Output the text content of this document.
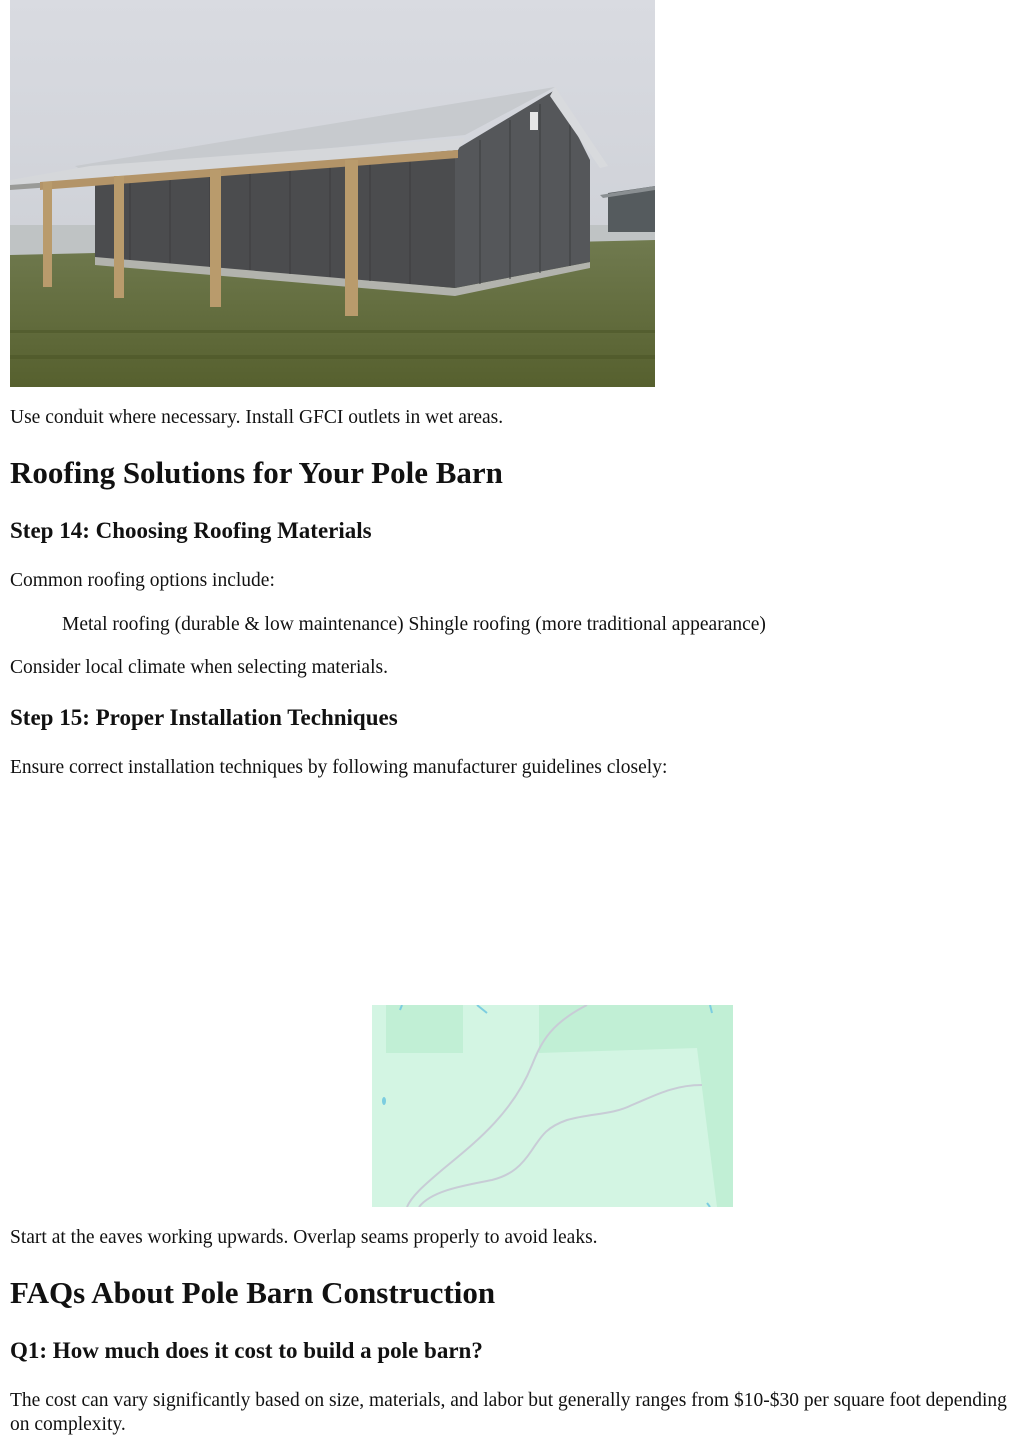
Use conduit where necessary. Install GFCI outlets in wet areas.

Roofing Solutions for Your Pole Barn
Step 14: Choosing Roofing Materials

Common roofing options include:

Metal roofing (durable & low maintenance) Shingle roofing (more traditional appearance)

Consider local climate when selecting materials.

Step 15: Proper Installation Techniques

Ensure correct installation techniques by following manufacturer guidelines closely:

Start at the eaves working upwards. Overlap seams properly to avoid leaks.

FAQs About Pole Barn Construction
Q1: How much does it cost to build a pole barn?

The cost can vary significantly based on size, materials, and labor but generally ranges from $10-$30 per square foot depending on complexity.
